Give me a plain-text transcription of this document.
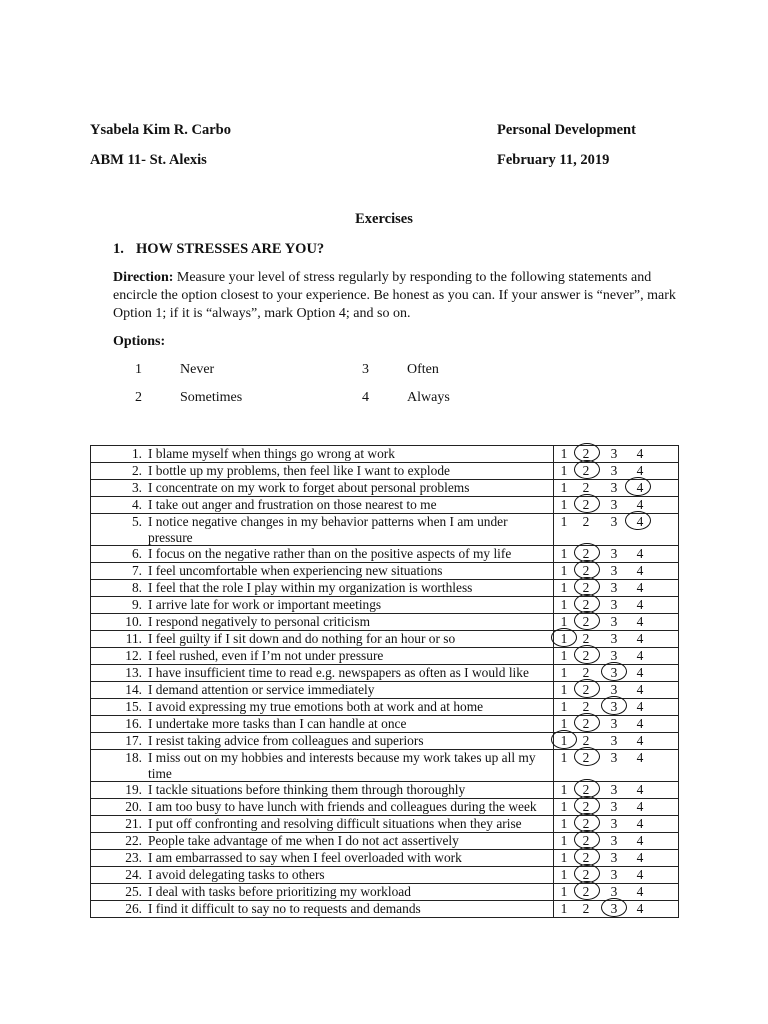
Ysabela Kim R. Carbo	Personal Development
ABM 11- St. Alexis	February 11, 2019
Exercises
1. HOW STRESSES ARE YOU?
Direction: Measure your level of stress regularly by responding to the following statements and
encircle the option closest to your experience. Be honest as you can. If your answer is “never”, mark
Option 1; if it is “always”, mark Option 4; and so on.
Options:
1	Never	3	Often
2	Sometimes	4	Always
1. I blame myself when things go wrong at work	1 2 3 4

2. I bottle up my problems, then feel like I want to explode	1 2 3 4

3. I concentrate on my work to forget about personal problems	1 2 3 4

4. I take out anger and frustration on those nearest to me	1 2 3 4

5. I notice negative changes in my behavior patterns when I am under pressure	1 2 3 4

6. I focus on the negative rather than on the positive aspects of my life	1 2 3 4

7. I feel uncomfortable when experiencing new situations	1 2 3 4

8. I feel that the role I play within my organization is worthless	1 2 3 4

9. I arrive late for work or important meetings	1 2 3 4

10. I respond negatively to personal criticism	1 2 3 4

11. I feel guilty if I sit down and do nothing for an hour or so	1 2 3 4

12. I feel rushed, even if I’m not under pressure	1 2 3 4

13. I have insufficient time to read e.g. newspapers as often as I would like	1 2 3 4

14. I demand attention or service immediately	1 2 3 4

15. I avoid expressing my true emotions both at work and at home	1 2 3 4

16. I undertake more tasks than I can handle at once	1 2 3 4

17. I resist taking advice from colleagues and superiors	1 2 3 4

18. I miss out on my hobbies and interests because my work takes up all my time	1 2 3 4

19. I tackle situations before thinking them through thoroughly	1 2 3 4

20. I am too busy to have lunch with friends and colleagues during the week	1 2 3 4

21. I put off confronting and resolving difficult situations when they arise	1 2 3 4

22. People take advantage of me when I do not act assertively	1 2 3 4

23. I am embarrassed to say when I feel overloaded with work	1 2 3 4

24. I avoid delegating tasks to others	1 2 3 4

25. I deal with tasks before prioritizing my workload	1 2 3 4

26. I find it difficult to say no to requests and demands	1 2 3 4
